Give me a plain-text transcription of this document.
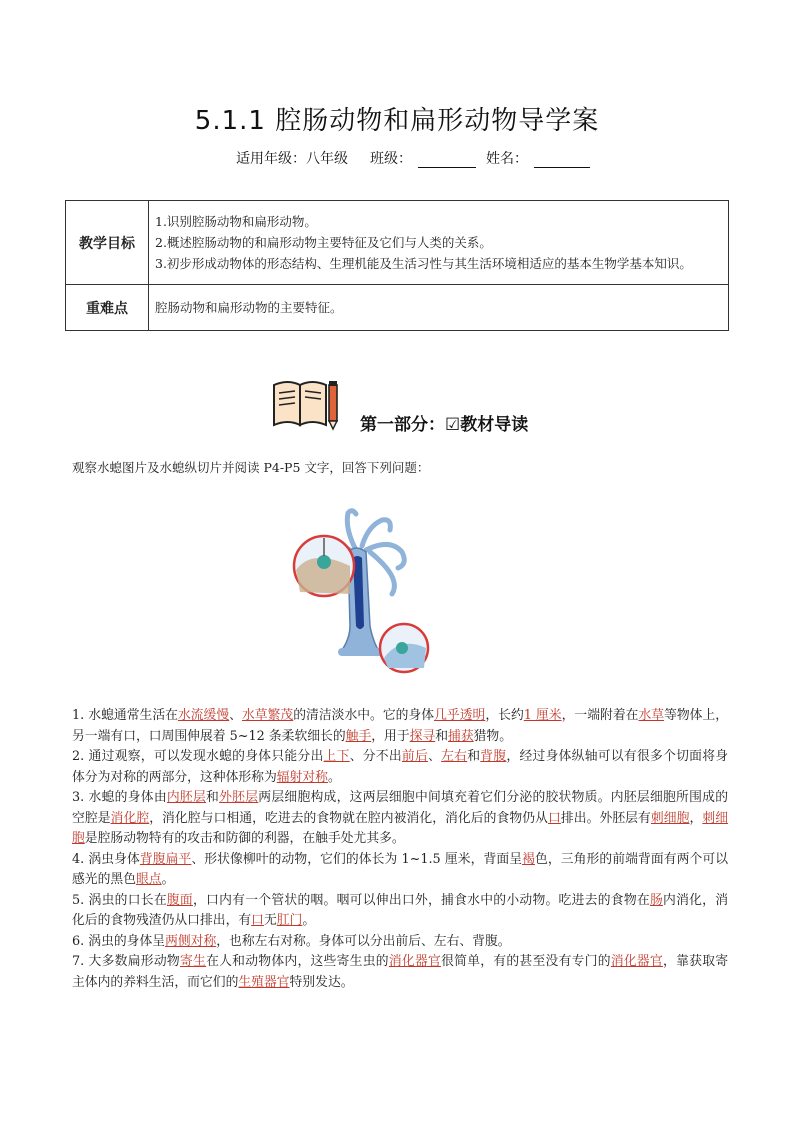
5.1.1 腔肠动物和扁形动物导学案
适用年级：八年级 班级：	姓名：
教学目标	1.识别腔肠动物和扁形动物。
2.概述腔肠动物的和扁形动物主要特征及它们与人类的关系。
3.初步形成动物体的形态结构、生理机能及生活习性与其生活环境相适应的基本生物学基本知识。

重难点	腔肠动物和扁形动物的主要特征。
第一部分：☑教材导读
观察水螅图片及水螅纵切片并阅读 P4-P5 文字，回答下列问题：

1. 水螅通常生活在水流缓慢、水草繁茂的清洁淡水中。它的身体几乎透明，长约1 厘米，一端附着在水草等物体上，另一端有口，口周围伸展着 5~12 条柔软细长的触手，用于探寻和捕获猎物。

2. 通过观察，可以发现水螅的身体只能分出上下、分不出前后、左右和背腹，经过身体纵轴可以有很多个切面将身体分为对称的两部分，这种体形称为辐射对称。

3. 水螅的身体由内胚层和外胚层两层细胞构成，这两层细胞中间填充着它们分泌的胶状物质。内胚层细胞所围成的空腔是消化腔，消化腔与口相通，吃进去的食物就在腔内被消化，消化后的食物仍从口排出。外胚层有刺细胞，刺细胞是腔肠动物特有的攻击和防御的利器，在触手处尤其多。

4. 涡虫身体背腹扁平、形状像柳叶的动物，它们的体长为 1~1.5 厘米，背面呈褐色，三角形的前端背面有两个可以感光的黑色眼点。

5. 涡虫的口长在腹面，口内有一个管状的咽。咽可以伸出口外，捕食水中的小动物。吃进去的食物在肠内消化，消化后的食物残渣仍从口排出，有口无肛门。

6. 涡虫的身体呈两侧对称，也称左右对称。身体可以分出前后、左右、背腹。

7. 大多数扁形动物寄生在人和动物体内，这些寄生虫的消化器官很简单，有的甚至没有专门的消化器官，靠获取寄主体内的养料生活，而它们的生殖器官特别发达。
